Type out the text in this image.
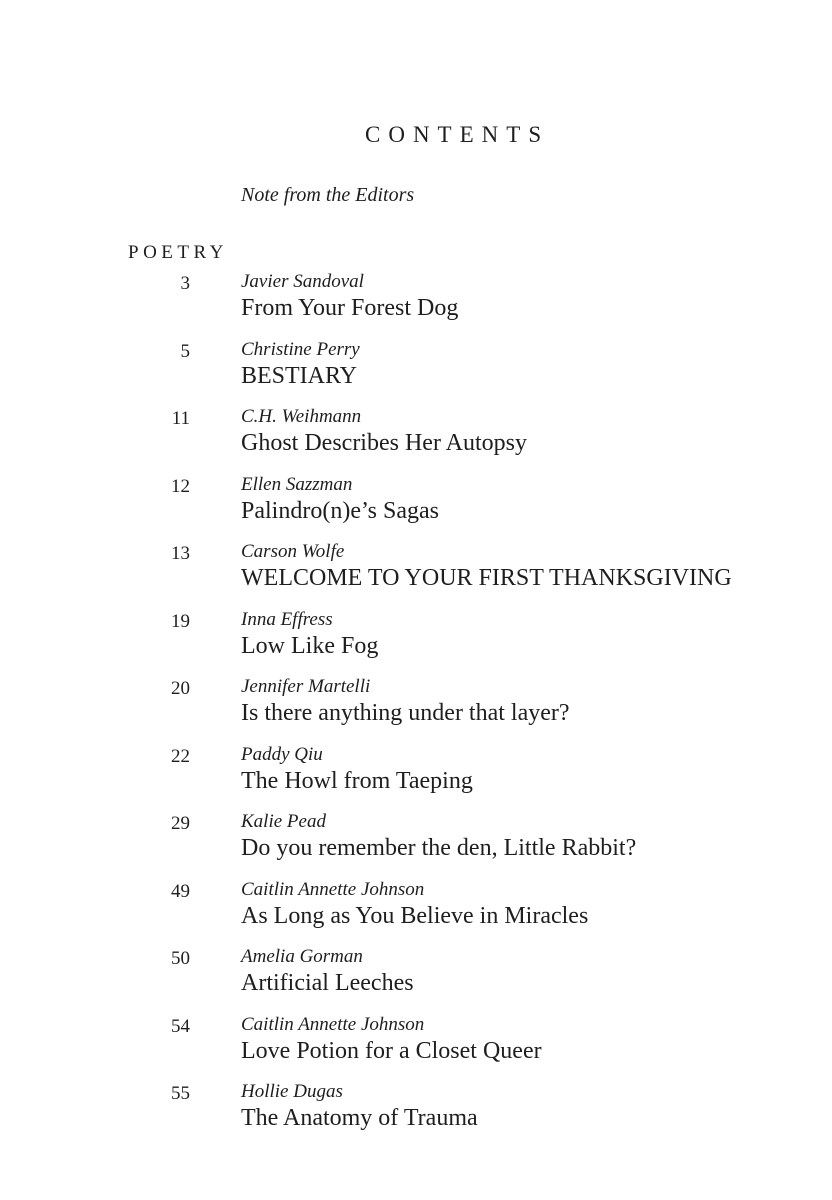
CONTENTS
Note from the Editors
POETRY
3	Javier Sandoval
From Your Forest Dog
5	Christine Perry
BESTIARY
11	C.H. Weihmann
Ghost Describes Her Autopsy
12	Ellen Sazzman
Palindro(n)e’s Sagas
13	Carson Wolfe
WELCOME TO YOUR FIRST THANKSGIVING
19	Inna Effress
Low Like Fog
20	Jennifer Martelli
Is there anything under that layer?
22	Paddy Qiu
The Howl from Taeping
29	Kalie Pead
Do you remember the den, Little Rabbit?
49	Caitlin Annette Johnson
As Long as You Believe in Miracles
50	Amelia Gorman
Artificial Leeches
54	Caitlin Annette Johnson
Love Potion for a Closet Queer
55	Hollie Dugas
The Anatomy of Trauma
